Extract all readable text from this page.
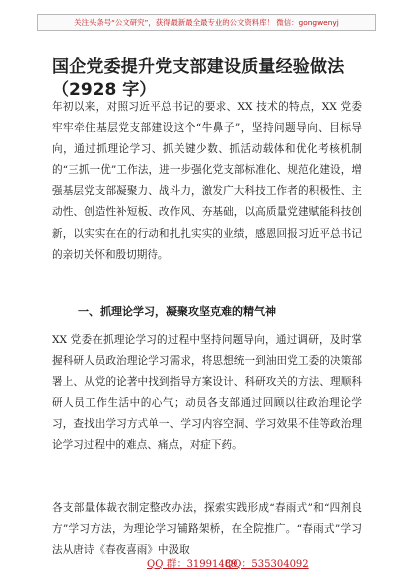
关注头条号“公文研究”，获得最新最全最专业的公文资料库！ 微信：gongwenyj
国企党委提升党支部建设质量经验做法
（2928 字）
年初以来，对照习近平总书记的要求、XX 技术的特点，XX 党委牢牢牵住基层党支部建设这个“牛鼻子”，坚持问题导向、目标导向，通过抓理论学习、抓关键少数、抓活动载体和优化考核机制的“三抓一优”工作法，进一步强化党支部标准化、规范化建设，增强基层党支部凝聚力、战斗力，激发广大科技工作者的积极性、主动性、创造性补短板、改作风、夯基础，以高质量党建赋能科技创新，以实实在在的行动和扎扎实实的业绩，感恩回报习近平总书记的亲切关怀和殷切期待。
一、抓理论学习，凝聚攻坚克难的精气神
XX 党委在抓理论学习的过程中坚持问题导向，通过调研，及时掌握科研人员政治理论学习需求，将思想统一到油田党工委的决策部署上、从党的论著中找到指导方案设计、科研攻关的方法、理顺科研人员工作生活中的心气；动员各支部通过回顾以往政治理论学习，查找出学习方式单一、学习内容空洞、学习效果不佳等政治理论学习过程中的难点、痛点，对症下药。
各支部量体裁衣制定整改办法，探索实践形成“春雨式”和“四剂良方”学习方法，为理论学习铺路架桥，在全院推广。“春雨式”学习法从唐诗《春夜喜雨》中汲取
QQ 群：31991489
QQ：535304092
